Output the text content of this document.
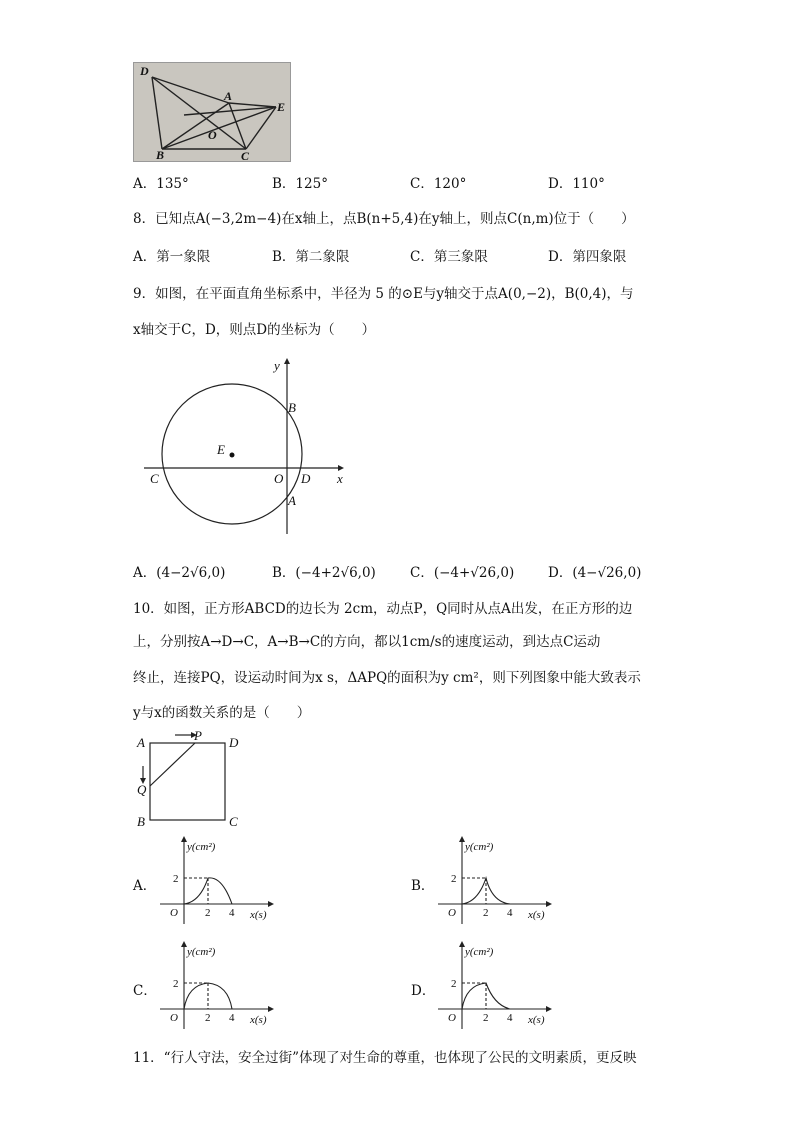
D
A
E
O
B	C
A．135°	B．125°	C．120°	D．110°
8．已知点A(−3,2m−4)在x轴上，点B(n+5,4)在y轴上，则点C(n,m)位于（　　）
A．第一象限	B．第二象限	C．第三象限	D．第四象限
9．如图，在平面直角坐标系中，半径为 5 的⊙E与y轴交于点A(0,−2)，B(0,4)，与
x轴交于C，D，则点D的坐标为（　　）
y
x
B
E
C	O D
A
A．(4−2√6,0)	B．(−4+2√6,0)	C．(−4+√26,0)	D．(4−√26,0)
10．如图，正方形ABCD的边长为 2cm，动点P，Q同时从点A出发，在正方形的边
上，分别按A→D→C，A→B→C的方向，都以1cm/s的速度运动，到达点C运动
终止，连接PQ，设运动时间为x s，ΔAPQ的面积为y cm²，则下列图象中能大致表示
y与x的函数关系的是（　　）
A	P D
Q
B	C
A．	B．
C．	D．
y(cm²)
2
O 2 4 x(s)
y(cm²)
2
O 2 4 x(s)
y(cm²)
2
O 2 4 x(s)
y(cm²)
2
O 2 4 x(s)
11．“行人守法，安全过街”体现了对生命的尊重，也体现了公民的文明素质，更反映
